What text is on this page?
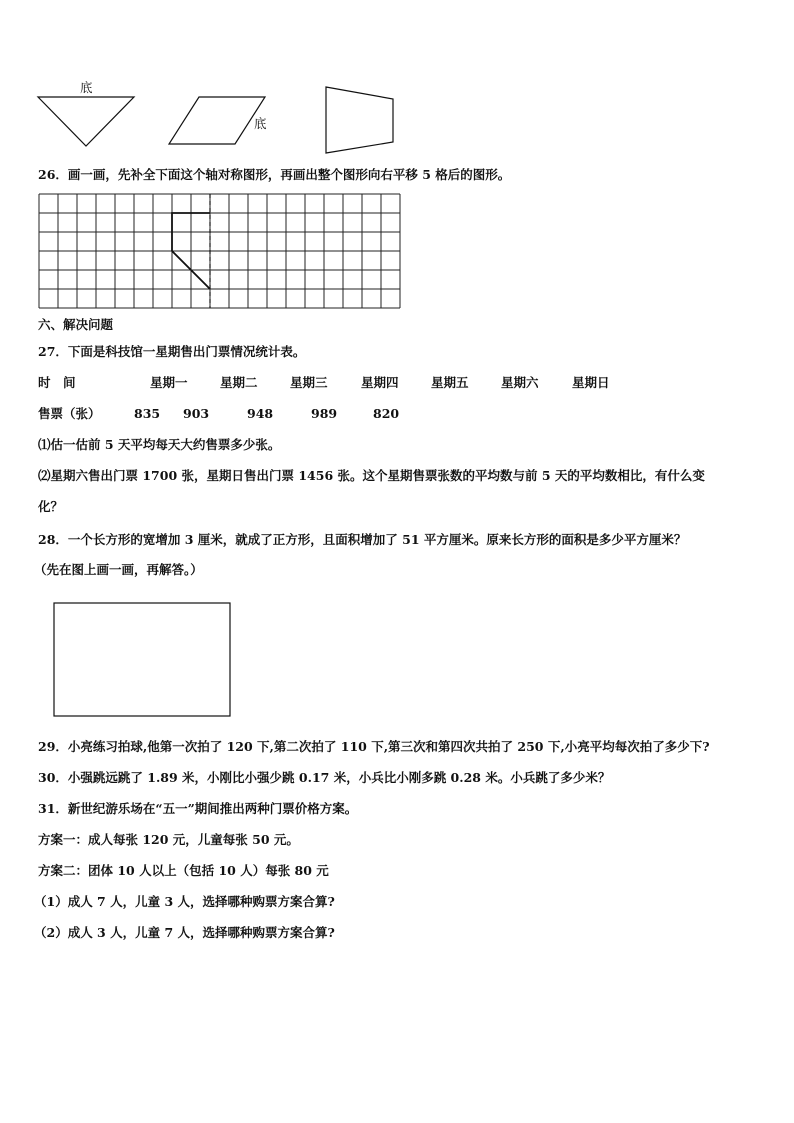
底
底

26．画一画，先补全下面这个轴对称图形，再画出整个图形向右平移 5 格后的图形。

六、解决问题

27．下面是科技馆一星期售出门票情况统计表。

时　间	星期一	星期二	星期三	星期四	星期五	星期六	星期日
售票（张）	835 903	948	989	820

⑴估一估前 5 天平均每天大约售票多少张。

⑵星期六售出门票 1700 张，星期日售出门票 1456 张。这个星期售票张数的平均数与前 5 天的平均数相比，有什么变

化？

28．一个长方形的宽增加 3 厘米，就成了正方形，且面积增加了 51 平方厘米。原来长方形的面积是多少平方厘米？

（先在图上画一画，再解答。）

29．小亮练习拍球,他第一次拍了 120 下,第二次拍了 110 下,第三次和第四次共拍了 250 下,小亮平均每次拍了多少下?

30．小强跳远跳了 1.89 米，小刚比小强少跳 0.17 米，小兵比小刚多跳 0.28 米。小兵跳了多少米？

31．新世纪游乐场在“五一”期间推出两种门票价格方案。

方案一：成人每张 120 元，儿童每张 50 元。

方案二：团体 10 人以上（包括 10 人）每张 80 元

（1）成人 7 人，儿童 3 人，选择哪种购票方案合算?

（2）成人 3 人，儿童 7 人，选择哪种购票方案合算?
